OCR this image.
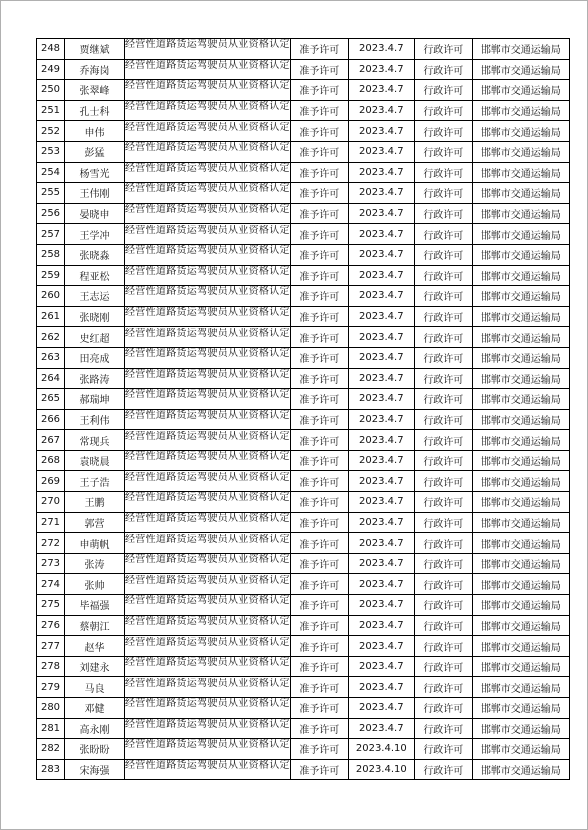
248	贾继斌	经营性道路货运驾驶员从业资格认定	准予许可	2023.4.7	行政许可	邯郸市交通运输局
249	乔海岗	经营性道路货运驾驶员从业资格认定	准予许可	2023.4.7	行政许可	邯郸市交通运输局
250	张翠峰	经营性道路货运驾驶员从业资格认定	准予许可	2023.4.7	行政许可	邯郸市交通运输局
251	孔士科	经营性道路货运驾驶员从业资格认定	准予许可	2023.4.7	行政许可	邯郸市交通运输局
252	申伟	经营性道路货运驾驶员从业资格认定	准予许可	2023.4.7	行政许可	邯郸市交通运输局
253	彭猛	经营性道路货运驾驶员从业资格认定	准予许可	2023.4.7	行政许可	邯郸市交通运输局
254	杨雪光	经营性道路货运驾驶员从业资格认定	准予许可	2023.4.7	行政许可	邯郸市交通运输局
255	王伟刚	经营性道路货运驾驶员从业资格认定	准予许可	2023.4.7	行政许可	邯郸市交通运输局
256	晏晓申	经营性道路货运驾驶员从业资格认定	准予许可	2023.4.7	行政许可	邯郸市交通运输局
257	王学冲	经营性道路货运驾驶员从业资格认定	准予许可	2023.4.7	行政许可	邯郸市交通运输局
258	张晓淼	经营性道路货运驾驶员从业资格认定	准予许可	2023.4.7	行政许可	邯郸市交通运输局
259	程亚松	经营性道路货运驾驶员从业资格认定	准予许可	2023.4.7	行政许可	邯郸市交通运输局
260	王志运	经营性道路货运驾驶员从业资格认定	准予许可	2023.4.7	行政许可	邯郸市交通运输局
261	张晓刚	经营性道路货运驾驶员从业资格认定	准予许可	2023.4.7	行政许可	邯郸市交通运输局
262	史红超	经营性道路货运驾驶员从业资格认定	准予许可	2023.4.7	行政许可	邯郸市交通运输局
263	田亮成	经营性道路货运驾驶员从业资格认定	准予许可	2023.4.7	行政许可	邯郸市交通运输局
264	张路涛	经营性道路货运驾驶员从业资格认定	准予许可	2023.4.7	行政许可	邯郸市交通运输局
265	郝瑞坤	经营性道路货运驾驶员从业资格认定	准予许可	2023.4.7	行政许可	邯郸市交通运输局
266	王利伟	经营性道路货运驾驶员从业资格认定	准予许可	2023.4.7	行政许可	邯郸市交通运输局
267	常现兵	经营性道路货运驾驶员从业资格认定	准予许可	2023.4.7	行政许可	邯郸市交通运输局
268	袁晓晨	经营性道路货运驾驶员从业资格认定	准予许可	2023.4.7	行政许可	邯郸市交通运输局
269	王子浩	经营性道路货运驾驶员从业资格认定	准予许可	2023.4.7	行政许可	邯郸市交通运输局
270	王鹏	经营性道路货运驾驶员从业资格认定	准予许可	2023.4.7	行政许可	邯郸市交通运输局
271	郭营	经营性道路货运驾驶员从业资格认定	准予许可	2023.4.7	行政许可	邯郸市交通运输局
272	申萌帆	经营性道路货运驾驶员从业资格认定	准予许可	2023.4.7	行政许可	邯郸市交通运输局
273	张涛	经营性道路货运驾驶员从业资格认定	准予许可	2023.4.7	行政许可	邯郸市交通运输局
274	张帅	经营性道路货运驾驶员从业资格认定	准予许可	2023.4.7	行政许可	邯郸市交通运输局
275	毕福强	经营性道路货运驾驶员从业资格认定	准予许可	2023.4.7	行政许可	邯郸市交通运输局
276	蔡朝江	经营性道路货运驾驶员从业资格认定	准予许可	2023.4.7	行政许可	邯郸市交通运输局
277	赵华	经营性道路货运驾驶员从业资格认定	准予许可	2023.4.7	行政许可	邯郸市交通运输局
278	刘建永	经营性道路货运驾驶员从业资格认定	准予许可	2023.4.7	行政许可	邯郸市交通运输局
279	马良	经营性道路货运驾驶员从业资格认定	准予许可	2023.4.7	行政许可	邯郸市交通运输局
280	邓健	经营性道路货运驾驶员从业资格认定	准予许可	2023.4.7	行政许可	邯郸市交通运输局
281	高永刚	经营性道路货运驾驶员从业资格认定	准予许可	2023.4.7	行政许可	邯郸市交通运输局
282	张盼盼	经营性道路货运驾驶员从业资格认定	准予许可	2023.4.10	行政许可	邯郸市交通运输局
283	宋海强	经营性道路货运驾驶员从业资格认定	准予许可	2023.4.10	行政许可	邯郸市交通运输局
